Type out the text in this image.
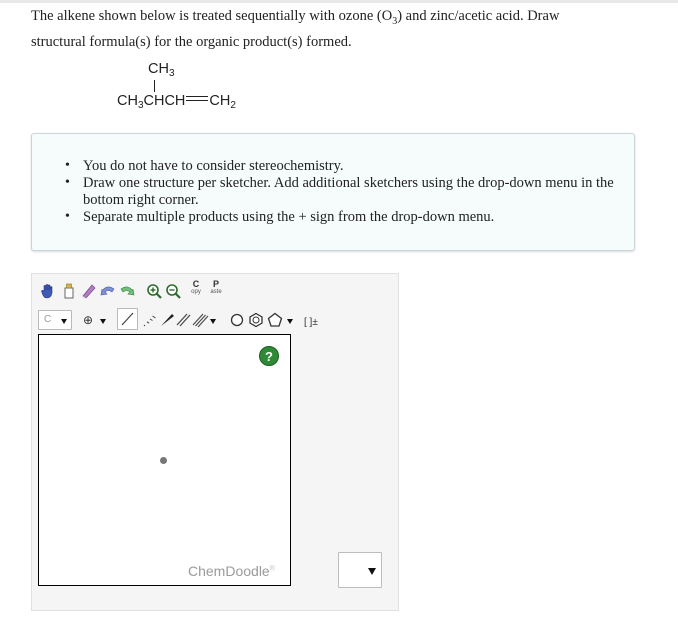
The alkene shown below is treated sequentially with ozone $(O_3)$ and zinc/acetic acid. Draw
structural formula(s) for the organic product(s) formed.
$CH_3$
$CH_3CHCH$ $CH_2$
• You do not have to consider stereochemistry.
• Draw one structure per sketcher. Add additional sketchers using the drop-down menu in the bottom right corner.
• Separate multiple products using the + sign from the drop-down menu.
C
opy
P
aste
C	⊕	[ ]±
?
ChemDoodle®
